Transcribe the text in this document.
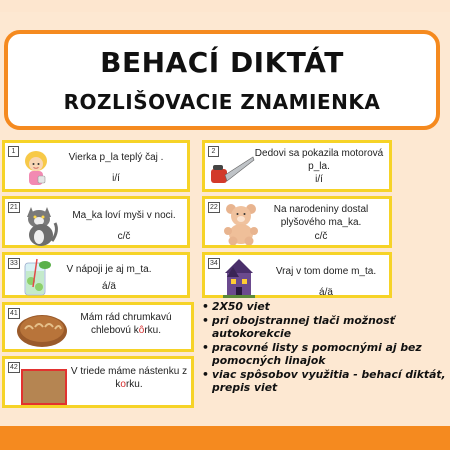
BEHACÍ DIKTÁT
ROZLIŠOVACIE ZNAMIENKA
1
Vierka p_la teplý čaj .
i/í
2	Dedovi sa pokazila motorová p_la.
i/í
21
Ma_ka loví myši v noci.
c/č
22	Na narodeniny dostal plyšového ma_ka.
c/č
33
V nápoji je aj m_ta.
á/ä
34
Vraj v tom dome m_ta.
á/ä
41	Mám rád chrumkavú chlebovú kôrku.
42	V triede máme nástenku z korku.
• 2X50 viet
• pri obojstrannej tlači možnosť autokorekcie
• pracovné listy s pomocnými aj bez pomocných linajok
• viac spôsobov využitia - behací diktát, prepis viet
